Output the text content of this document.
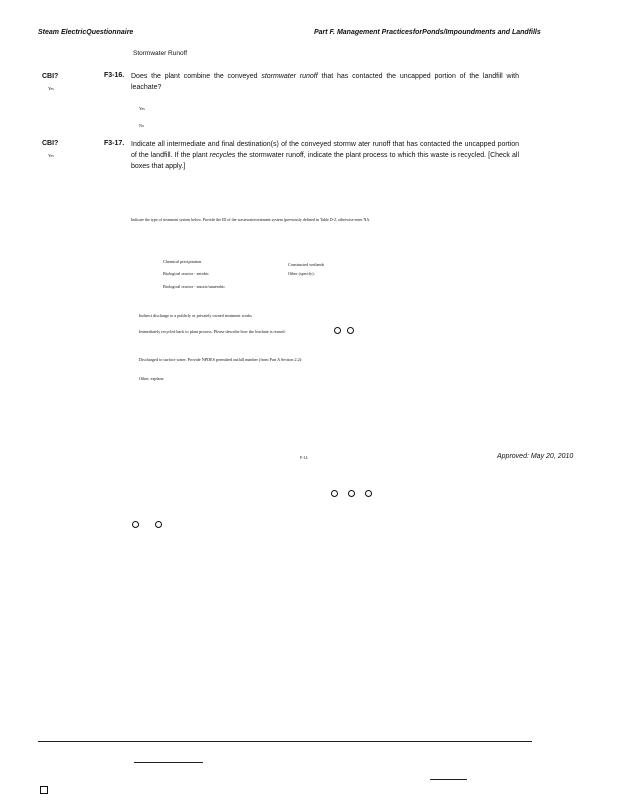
Steam ElectricQuestionnaire	Part F. Management PracticesforPonds/Impoundments and Landfills
Stormwater Runoff
CBI?
Yes
F3-16. Does the plant combine the conveyed stormwater runoff that has contacted the uncapped portion of the landfill with leachate?
Yes
No
CBI?
Yes
F3-17. Indicate all intermediate and final destination(s) of the conveyed stormw ater runoff that has contacted the uncapped portion of the landfill. If the plant recycles the stormwater runoff, indicate the plant process to which this waste is recycled. [Check all boxes that apply.]
Indicate the type of treatment system below. Provide the ID of the wastewatertreatment system (previously defined in Table D-2, otherwise enter NA.
Chemical precipitation
Biological reactor - aerobic
Biological reactor - anoxic/anaerobic
Constructed wetlands
Other (specify):
Indirect discharge to a publicly or privately owned treatment works
Immediately recycled back to plant process. Please describe how the leachate is reused:
Discharged to surface water. Provide NPDES permitted outfall number (from Part A Section 2.2):
Other, explain:
F-14	Approved: May 20, 2010
